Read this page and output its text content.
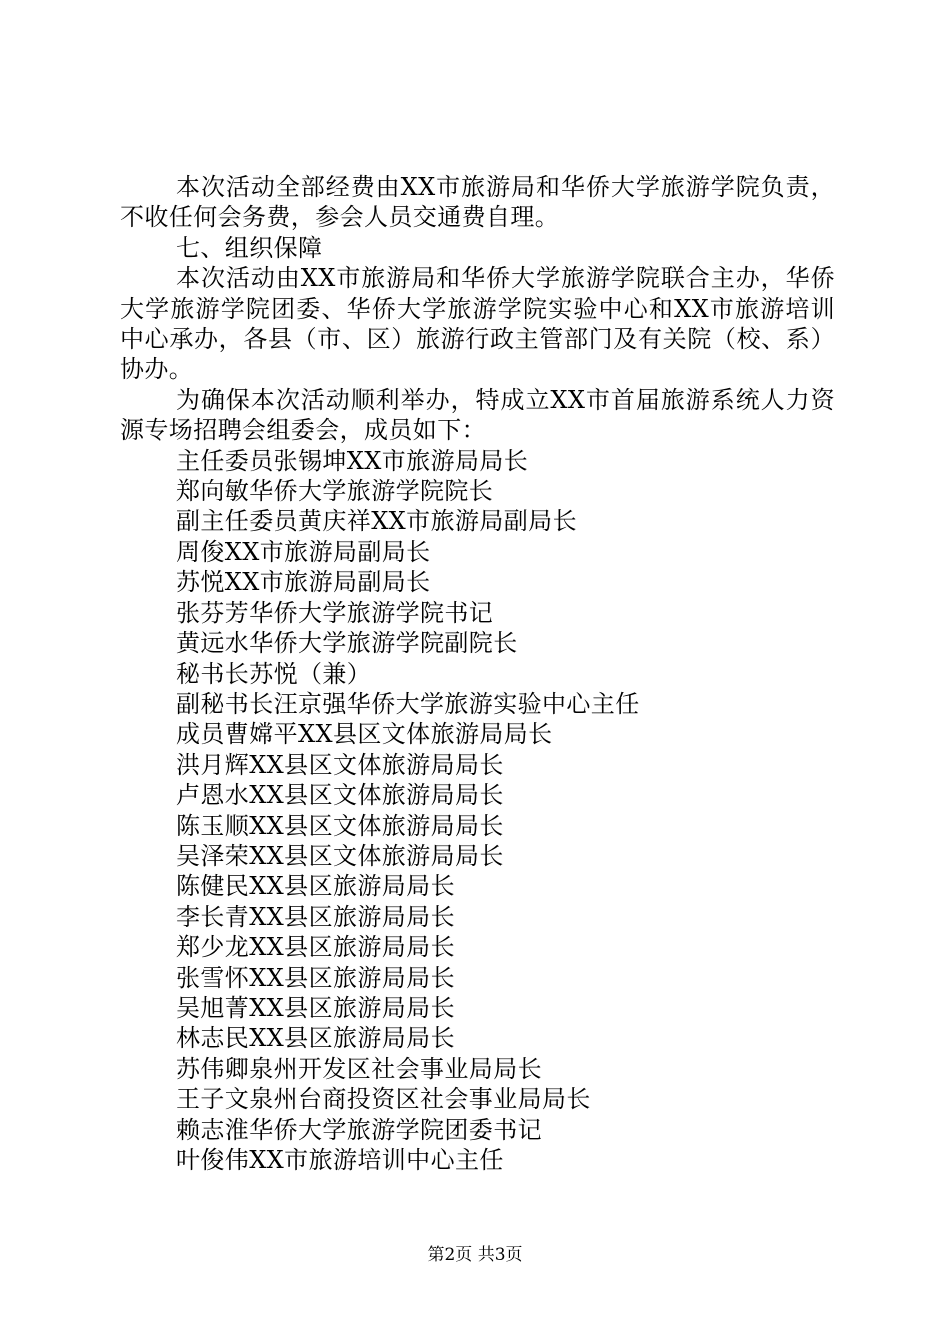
本次活动全部经费由XX市旅游局和华侨大学旅游学院负责，不收任何会务费，参会人员交通费自理。

七、组织保障

本次活动由XX市旅游局和华侨大学旅游学院联合主办，华侨大学旅游学院团委、华侨大学旅游学院实验中心和XX市旅游培训中心承办，各县（市、区）旅游行政主管部门及有关院（校、系）协办。

为确保本次活动顺利举办，特成立XX市首届旅游系统人力资源专场招聘会组委会，成员如下：

主任委员张锡坤XX市旅游局局长
郑向敏华侨大学旅游学院院长
副主任委员黄庆祥XX市旅游局副局长
周俊XX市旅游局副局长
苏悦XX市旅游局副局长
张芬芳华侨大学旅游学院书记
黄远水华侨大学旅游学院副院长
秘书长苏悦（兼）
副秘书长汪京强华侨大学旅游实验中心主任
成员曹嫦平XX县区文体旅游局局长
洪月辉XX县区文体旅游局局长
卢恩水XX县区文体旅游局局长
陈玉顺XX县区文体旅游局局长
吴泽荣XX县区文体旅游局局长
陈健民XX县区旅游局局长
李长青XX县区旅游局局长
郑少龙XX县区旅游局局长
张雪怀XX县区旅游局局长
吴旭菁XX县区旅游局局长
林志民XX县区旅游局局长
苏伟卿泉州开发区社会事业局局长
王子文泉州台商投资区社会事业局局长
赖志淮华侨大学旅游学院团委书记
叶俊伟XX市旅游培训中心主任
第2页 共3页
